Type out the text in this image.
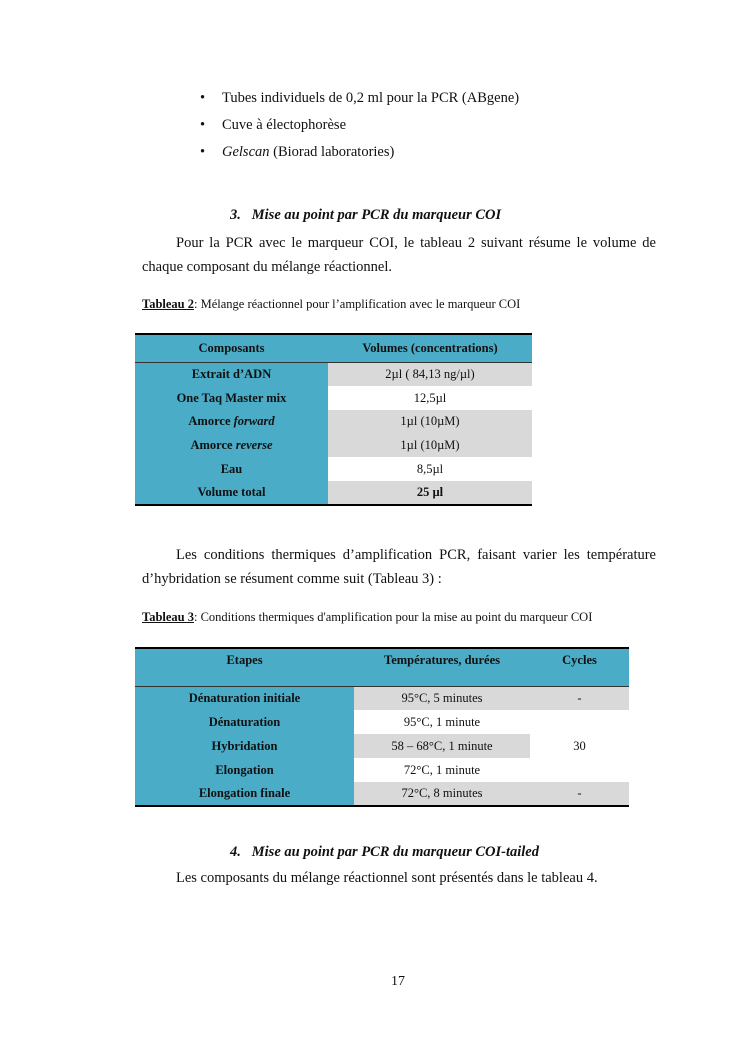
• Tubes individuels de 0,2 ml pour la PCR (ABgene)
• Cuve à électophorèse
• Gelscan (Biorad laboratories)
3. Mise au point par PCR du marqueur COI
Pour la PCR avec le marqueur COI, le tableau 2 suivant résume le volume de
chaque composant du mélange réactionnel.
Tableau 2: Mélange réactionnel pour l’amplification avec le marqueur COI
Composants	Volumes (concentrations)
Extrait d’ADN	2µl ( 84,13 ng/µl)
One Taq Master mix	12,5µl
Amorce forward	1µl (10µM)
Amorce reverse	1µl (10µM)
Eau	8,5µl
Volume total	25 µl
Les conditions thermiques d’amplification PCR, faisant varier les température
d’hybridation se résument comme suit (Tableau 3) :
Tableau 3: Conditions thermiques d'amplification pour la mise au point du marqueur COI
Etapes	Températures, durées	Cycles
Dénaturation initiale	95°C, 5 minutes	-
Dénaturation	95°C, 1 minute	
Hybridation	58 – 68°C, 1 minute	30
Elongation	72°C, 1 minute	
Elongation finale	72°C, 8 minutes	-
4. Mise au point par PCR du marqueur COI-tailed
Les composants du mélange réactionnel sont présentés dans le tableau 4.
17
